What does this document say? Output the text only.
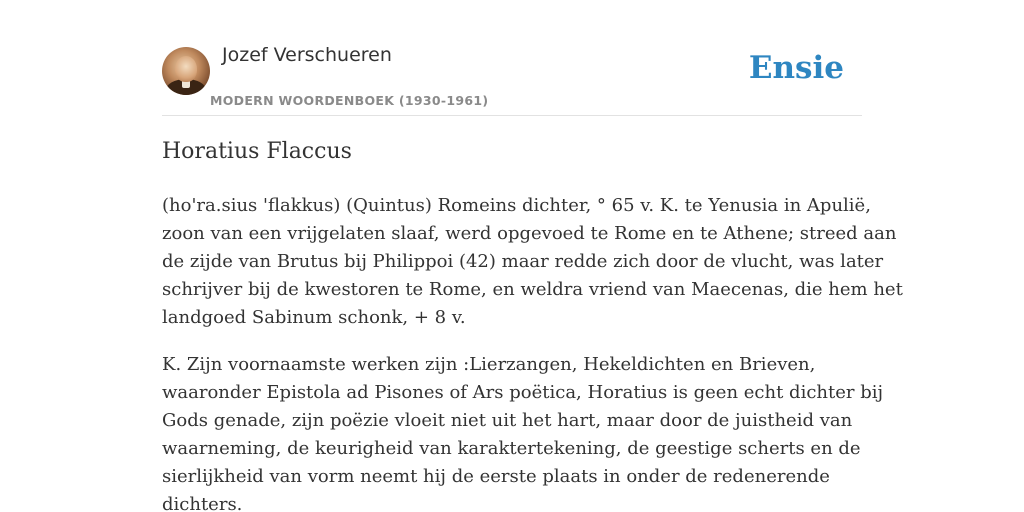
Jozef Verschueren
MODERN WOORDENBOEK (1930-1961)
Ensie
Horatius Flaccus

(ho'ra.sius 'flakkus) (Quintus) Romeins dichter, ° 65 v. K. te Yenusia in Apulië,
zoon van een vrijgelaten slaaf, werd opgevoed te Rome en te Athene; streed aan
de zijde van Brutus bij Philippoi (42) maar redde zich door de vlucht, was later
schrijver bij de kwestoren te Rome, en weldra vriend van Maecenas, die hem het
landgoed Sabinum schonk, + 8 v.

K. Zijn voornaamste werken zijn :Lierzangen, Hekeldichten en Brieven,
waaronder Epistola ad Pisones of Ars poëtica, Horatius is geen echt dichter bij
Gods genade, zijn poëzie vloeit niet uit het hart, maar door de juistheid van
waarneming, de keurigheid van karaktertekening, de geestige scherts en de
sierlijkheid van vorm neemt hij de eerste plaats in onder de redenerende
dichters.
